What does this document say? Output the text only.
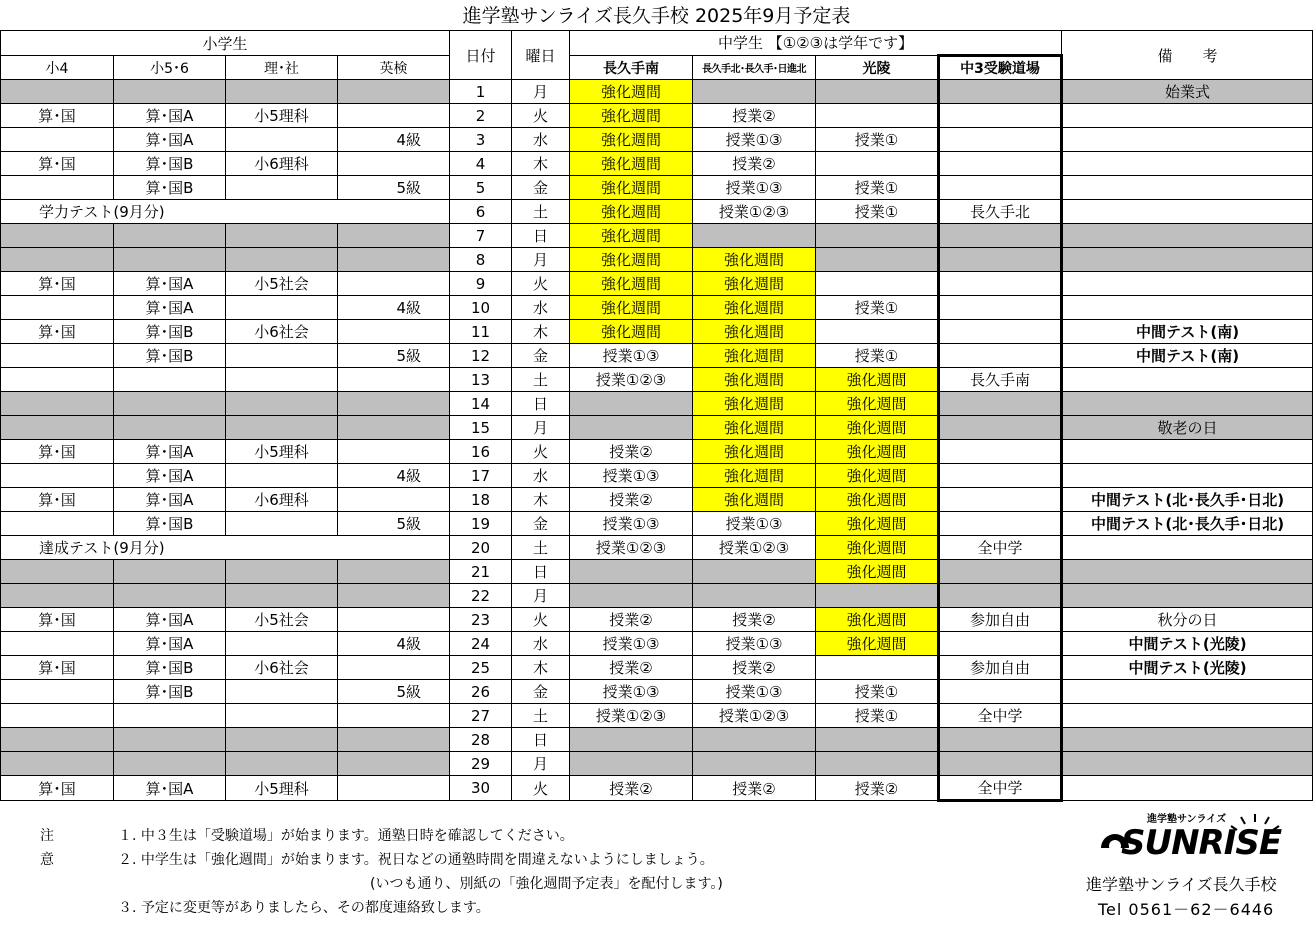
進学塾サンライズ長久手校 2025年9月予定表
小学生				日付	曜日	中学生 【①②③は学年です】				備　　考
小4	小5･6	理･社	英検			長久手南	長久手北･長久手･日進北	光陵	中3受験道場	
				1	月	強化週間				始業式
算･国	算･国A	小5理科		2	火	強化週間	授業②			
	算･国A		4級	3	水	強化週間	授業①③	授業①		
算･国	算･国B	小6理科		4	木	強化週間	授業②			
	算･国B		5級	5	金	強化週間	授業①③	授業①		
学力テスト(9月分)				6	土	強化週間	授業①②③	授業①	長久手北	
				7	日	強化週間				
				8	月	強化週間	強化週間			
算･国	算･国A	小5社会		9	火	強化週間	強化週間			
	算･国A		4級	10	水	強化週間	強化週間	授業①		
算･国	算･国B	小6社会		11	木	強化週間	強化週間			中間テスト(南)
	算･国B		5級	12	金	授業①③	強化週間	授業①		中間テスト(南)
				13	土	授業①②③	強化週間	強化週間	長久手南	
				14	日		強化週間	強化週間		
				15	月		強化週間	強化週間		敬老の日
算･国	算･国A	小5理科		16	火	授業②	強化週間	強化週間		
	算･国A		4級	17	水	授業①③	強化週間	強化週間		
算･国	算･国A	小6理科		18	木	授業②	強化週間	強化週間		中間テスト(北･長久手･日北)
	算･国B		5級	19	金	授業①③	授業①③	強化週間		中間テスト(北･長久手･日北)
達成テスト(9月分)				20	土	授業①②③	授業①②③	強化週間	全中学	
				21	日			強化週間		
				22	月					
算･国	算･国A	小5社会		23	火	授業②	授業②	強化週間	参加自由	秋分の日
	算･国A		4級	24	水	授業①③	授業①③	強化週間		中間テスト(光陵)
算･国	算･国B	小6社会		25	木	授業②	授業②		参加自由	中間テスト(光陵)
	算･国B		5級	26	金	授業①③	授業①③	授業①		
				27	土	授業①②③	授業①②③	授業①	全中学	
				28	日					
				29	月					
算･国	算･国A	小5理科		30	火	授業②	授業②	授業②	全中学	
注意
１. 中３生は「受験道場」が始まります。通塾日時を確認してください。
２. 中学生は「強化週間」が始まります。祝日などの通塾時間を間違えないようにしましょう。
(いつも通り、別紙の「強化週間予定表」を配付します。)
３. 予定に変更等がありましたら、その都度連絡致します。
進学塾サンライズ
SUNRISE
進学塾サンライズ長久手校
Tel 0561－62－6446
